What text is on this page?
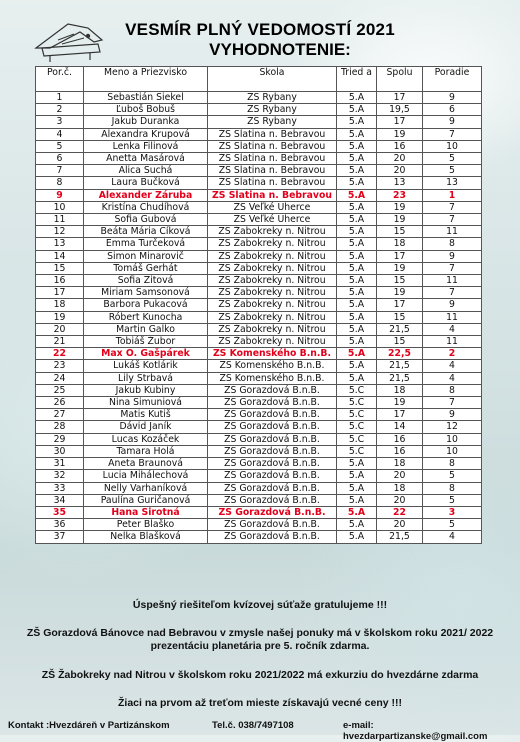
VESMÍR PLNÝ VEDOMOSTÍ 2021
VYHODNOTENIE:
Por.č.	Meno a Priezvisko	Škola	Tried a	Spolu	Poradie
1	Sebastián Siekel	ZŠ Rybany	5.A	17	9
2	Ľuboš Bobuš	ZŠ Rybany	5.A	19,5	6
3	Jakub Duranka	ZŠ Rybany	5.A	17	9
4	Alexandra Krupová	ZŠ Slatina n. Bebravou	5.A	19	7
5	Lenka Filinová	ZŠ Slatina n. Bebravou	5.A	16	10
6	Anetta Masárová	ZŠ Slatina n. Bebravou	5.A	20	5
7	Alica Suchá	ZŠ Slatina n. Bebravou	5.A	20	5
8	Laura Bučková	ZŠ Slatina n. Bebravou	5.A	13	13
9	Alexander Záruba	ZŠ Slatina n. Bebravou	5.A	23	1
10	Kristína Chudíhová	ZŠ Veľké Uherce	5.A	19	7
11	Sofia Gubová	ZŠ Veľké Uherce	5.A	19	7
12	Beáta Mária Číková	ZŠ Žabokreky n. Nitrou	5.A	15	11
13	Emma Turčeková	ZŠ Žabokreky n. Nitrou	5.A	18	8
14	Šimon Minarovič	ZŠ Žabokreky n. Nitrou	5.A	17	9
15	Tomáš Gerhát	ZŠ Žabokreky n. Nitrou	5.A	19	7
16	Sofia Zitová	ZŠ Žabokreky n. Nitrou	5.A	15	11
17	Miriam Samsonová	ZŠ Žabokreky n. Nitrou	5.A	19	7
18	Barbora Pukacová	ZŠ Žabokreky n. Nitrou	5.A	17	9
19	Róbert Kunocha	ZŠ Žabokreky n. Nitrou	5.A	15	11
20	Martin Galko	ZŠ Žabokreky n. Nitrou	5.A	21,5	4
21	Tobiáš Žubor	ZŠ Žabokreky n. Nitrou	5.A	15	11
22	Max O. Gašpárek	ZŠ Komenského B.n.B.	5.A	22,5	2
23	Lukáš Kotlárik	ZŠ Komenského B.n.B.	5.A	21,5	4
24	Lily Štrbavá	ZŠ Komenského B.n.B.	5.A	21,5	4
25	Jakub Kubiny	ZŠ Gorazdová B.n.B.	5.C	18	8
26	Nina Šimuniová	ZŠ Gorazdová B.n.B.	5.C	19	7
27	Matis Kutiš	ZŠ Gorazdová B.n.B.	5.C	17	9
28	Dávid Janík	ZŠ Gorazdová B.n.B.	5.C	14	12
29	Lucas Kozáček	ZŠ Gorazdová B.n.B.	5.C	16	10
30	Tamara Holá	ZŠ Gorazdová B.n.B.	5.C	16	10
31	Aneta Braunová	ZŠ Gorazdová B.n.B.	5.A	18	8
32	Lucia Mihálechová	ZŠ Gorazdová B.n.B.	5.A	20	5
33	Nelly Varhaníková	ZŠ Gorazdová B.n.B.	5.A	18	8
34	Paulína Guričanová	ZŠ Gorazdová B.n.B.	5.A	20	5
35	Hana Sirotná	ZŠ Gorazdová B.n.B.	5.A	22	3
36	Peter Blaško	ZŠ Gorazdová B.n.B.	5.A	20	5
37	Nelka Blašková	ZŠ Gorazdová B.n.B.	5.A	21,5	4
Úspešný riešiteľom kvízovej súťaže gratulujeme !!!
ZŠ Gorazdová Bánovce nad Bebravou v zmysle našej ponuky má v školskom roku 2021/ 2022
prezentáciu planetária pre 5. ročník zdarma.
ZŠ Žabokreky nad Nitrou v školskom roku 2021/2022 má exkurziu do hvezdárne zdarma
Žiaci na prvom až treťom mieste získavajú vecné ceny !!!
Kontakt :Hvezdáreň v Partizánskom	Tel.č. 038/7497108	e-mail: hvezdarpartizanske@gmail.com
